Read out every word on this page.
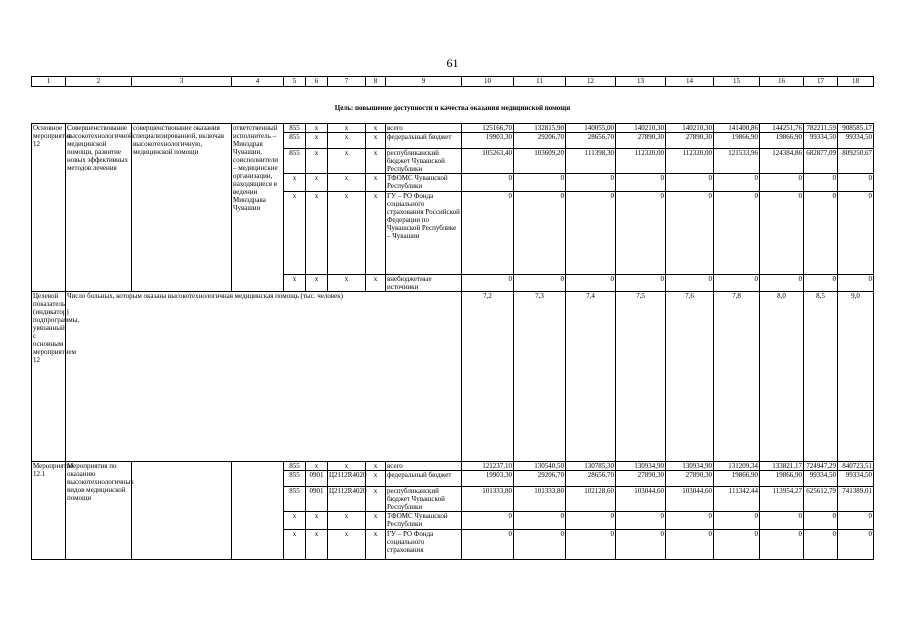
61
1	2	3	4	5	6	7	8	9	10	11	12	13	14	15	16	17	18
Цель: повышение доступности и качества оказания медицинской помощи																	
Основное мероприятие 12	Совершенствование высокотехнологичной медицинской помощи, развитие новых эффективных методов лечения	совершенствование оказания специализированной, включая высокотехнологичную, медицинской помощи	ответственный исполнитель – Минздрав Чувашии, соисполнители – медицинские организации, находящиеся в ведении Минздрава Чувашии	855	x	x	x	всего	125166,70	132815,90	140055,00	140210,30	140210,30	141400,86	144251,76	782211,59	908585,17
				855	x	x	x	федеральный бюджет	19903,30	29206,70	28656,70	27890,30	27890,30	19866,90	19866,90	99334,50	99334,50
				855	x	x	x	республиканский бюджет Чувашской Республики	105263,40	103609,20	111398,30	112320,00	112320,00	121533,96	124384,86	682877,09	809250,67
				x	x	x	x	ТФОМС Чувашской Республики	0	0	0	0	0	0	0	0	0
				x	x	x	x	ГУ – РО Фонда социального страхования Российской Федерации по Чувашской Республике – Чувашии	0	0	0	0	0	0	0	0	0
				x	x	x	x	внебюджетные источники	0	0	0	0	0	0	0	0	0
Целевой показатель (индикатор) подпрограммы, увязанный с основным мероприятием 12	Число больных, которым оказана высокотехнологичная медицинская помощь (тыс. человек)								7,2	7,3	7,4	7,5	7,6	7,8	8,0	8,5	9,0
Мероприятие 12.1	Мероприятия по оказанию высокотехнологичных видов медицинской помощи			855	x	x	x	всего	121237,10	130540,50	130785,30	130934,90	130934,90	131209,34	133821,17	724947,29	840723,51
				855	0901	Ц2112R4020	x	федеральный бюджет	19903,30	29206,70	28656,70	27890,30	27890,30	19866,90	19866,90	99334,50	99334,50
				855	0901	Ц2112R4020	x	республиканский бюджет Чувашской Республики	101333,80	101333,80	102128,60	103044,60	103044,60	111342,44	113954,27	625612,79	741389,01
				x	x	x	x	ТФОМС Чувашской Республики	0	0	0	0	0	0	0	0	0
				x	x	x	x	ГУ – РО Фонда социального страхования	0	0	0	0	0	0	0	0	0
